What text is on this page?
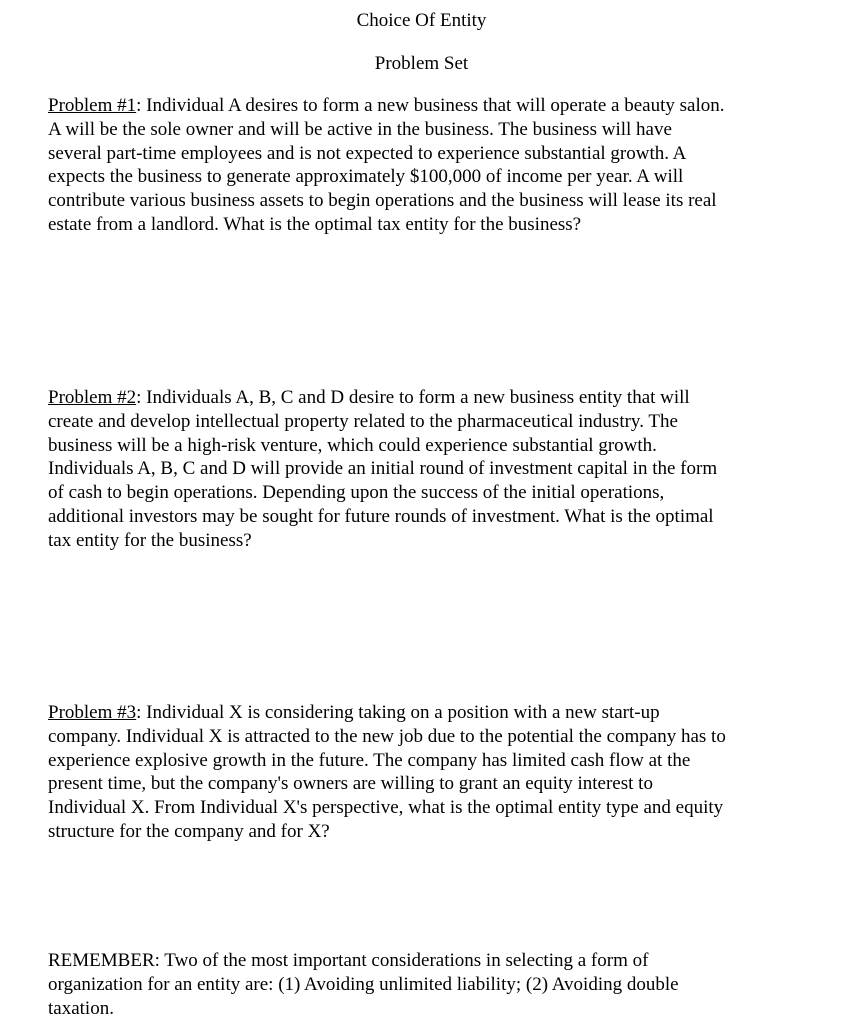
Choice Of Entity
Problem Set
Problem #1: Individual A desires to form a new business that will operate a beauty salon.
A will be the sole owner and will be active in the business. The business will have
several part-time employees and is not expected to experience substantial growth. A
expects the business to generate approximately $100,000 of income per year. A will
contribute various business assets to begin operations and the business will lease its real
estate from a landlord. What is the optimal tax entity for the business?
Problem #2: Individuals A, B, C and D desire to form a new business entity that will
create and develop intellectual property related to the pharmaceutical industry. The
business will be a high-risk venture, which could experience substantial growth.
Individuals A, B, C and D will provide an initial round of investment capital in the form
of cash to begin operations. Depending upon the success of the initial operations,
additional investors may be sought for future rounds of investment. What is the optimal
tax entity for the business?
Problem #3: Individual X is considering taking on a position with a new start-up
company. Individual X is attracted to the new job due to the potential the company has to
experience explosive growth in the future. The company has limited cash flow at the
present time, but the company's owners are willing to grant an equity interest to
Individual X. From Individual X's perspective, what is the optimal entity type and equity
structure for the company and for X?
REMEMBER: Two of the most important considerations in selecting a form of
organization for an entity are: (1) Avoiding unlimited liability; (2) Avoiding double
taxation.
